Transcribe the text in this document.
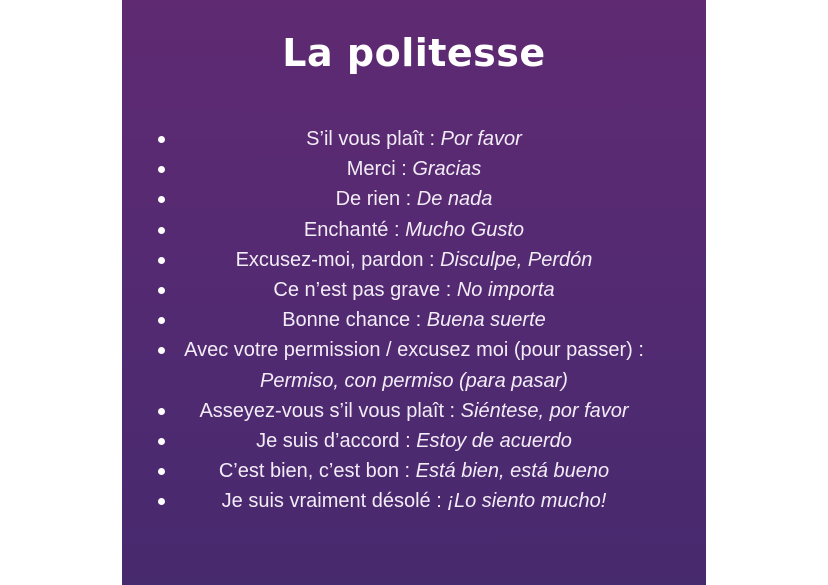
La politesse
S’il vous plaît : Por favor
Merci : Gracias
De rien : De nada
Enchanté : Mucho Gusto
Excusez-moi, pardon : Disculpe, Perdón
Ce n’est pas grave : No importa
Bonne chance : Buena suerte
Avec votre permission / excusez moi (pour passer) :
Permiso, con permiso (para pasar)
Asseyez-vous s’il vous plaît : Siéntese, por favor
Je suis d’accord : Estoy de acuerdo
C’est bien, c’est bon : Está bien, está bueno
Je suis vraiment désolé : ¡Lo siento mucho!
